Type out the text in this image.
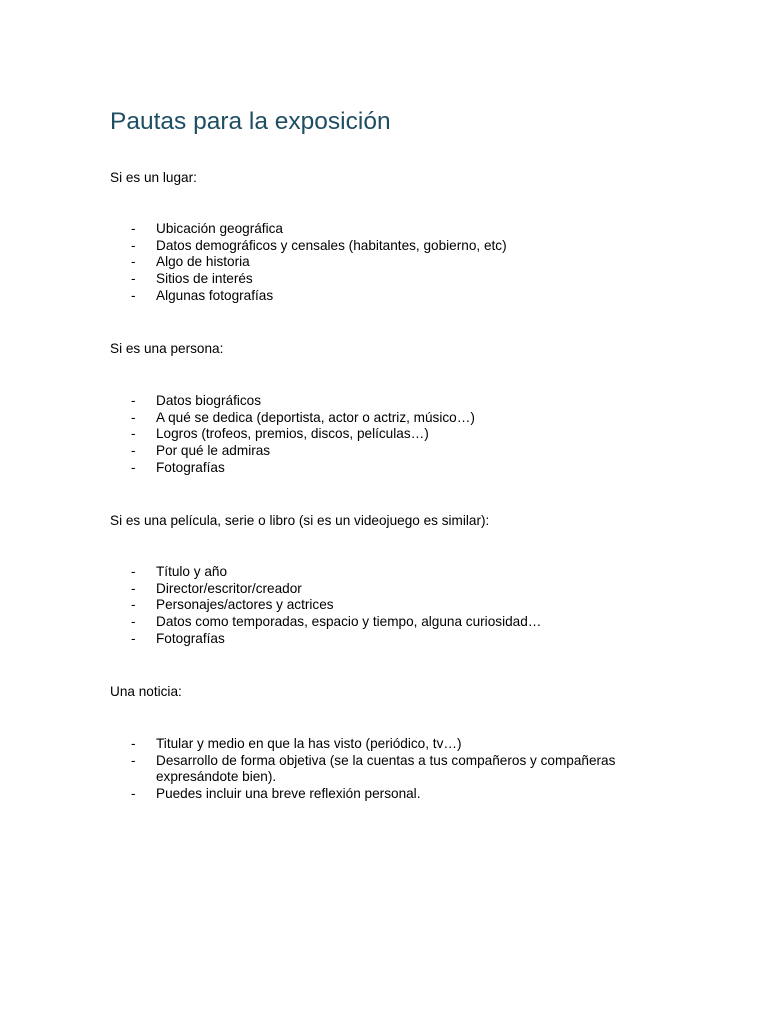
Pautas para la exposición
Si es un lugar:
- Ubicación geográfica
- Datos demográficos y censales (habitantes, gobierno, etc)
- Algo de historia
- Sitios de interés
- Algunas fotografías
Si es una persona:
- Datos biográficos
- A qué se dedica (deportista, actor o actriz, músico…)
- Logros (trofeos, premios, discos, películas…)
- Por qué le admiras
- Fotografías
Si es una película, serie o libro (si es un videojuego es similar):
- Título y año
- Director/escritor/creador
- Personajes/actores y actrices
- Datos como temporadas, espacio y tiempo, alguna curiosidad…
- Fotografías
Una noticia:
- Titular y medio en que la has visto (periódico, tv…)
- Desarrollo de forma objetiva (se la cuentas a tus compañeros y compañeras expresándote bien).
- Puedes incluir una breve reflexión personal.
